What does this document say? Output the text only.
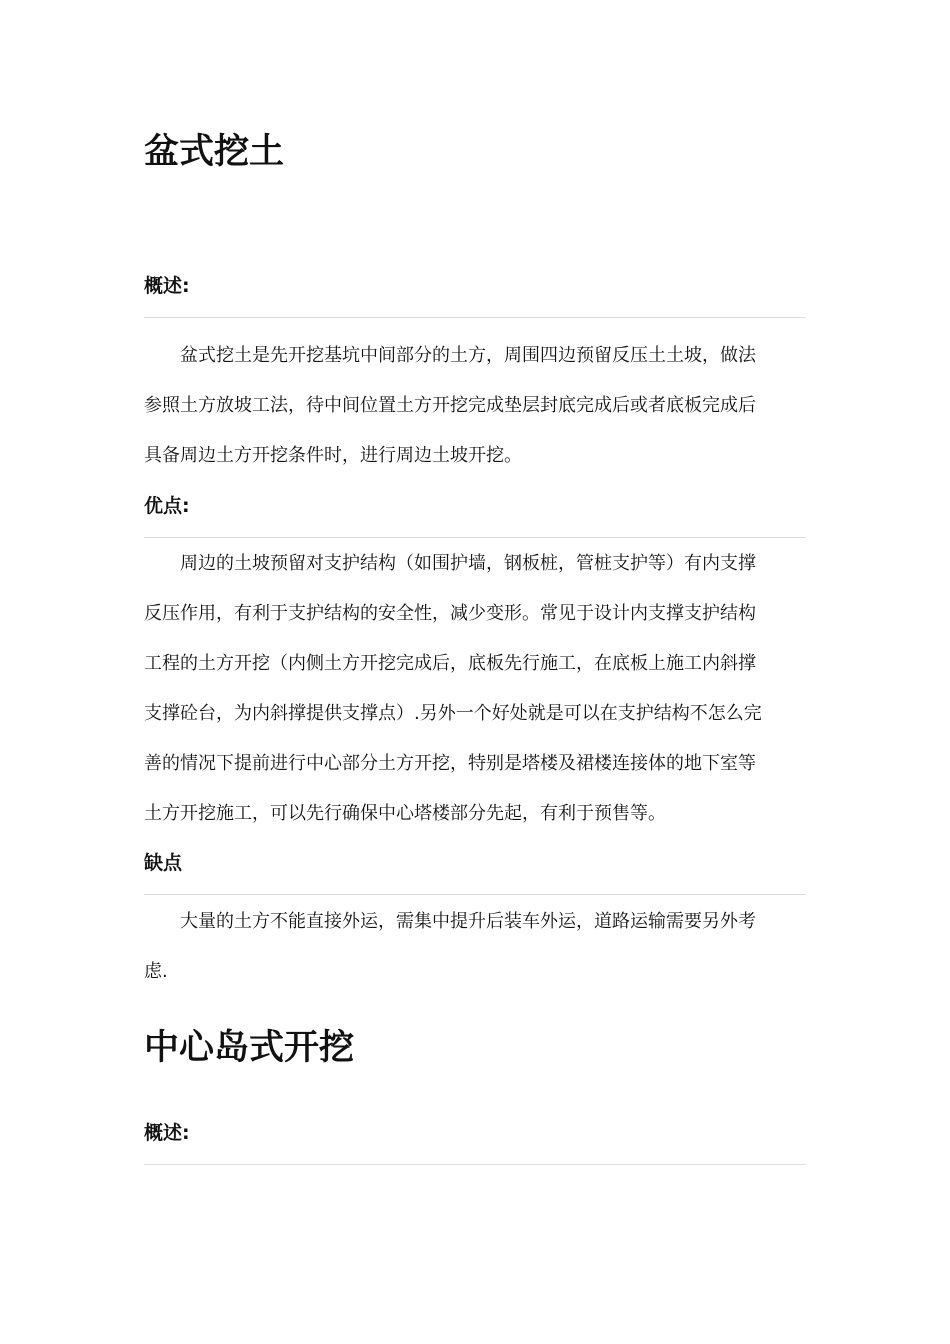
盆式挖土
概述:
盆式挖土是先开挖基坑中间部分的土方，周围四边预留反压土土坡，做法
参照土方放坡工法，待中间位置土方开挖完成垫层封底完成后或者底板完成后
具备周边土方开挖条件时，进行周边土坡开挖。
优点:
周边的土坡预留对支护结构（如围护墙，钢板桩，管桩支护等）有内支撑
反压作用，有利于支护结构的安全性，减少变形。常见于设计内支撑支护结构
工程的土方开挖（内侧土方开挖完成后，底板先行施工，在底板上施工内斜撑
支撑砼台，为内斜撑提供支撑点）.另外一个好处就是可以在支护结构不怎么完
善的情况下提前进行中心部分土方开挖，特别是塔楼及裙楼连接体的地下室等
土方开挖施工，可以先行确保中心塔楼部分先起，有利于预售等。
缺点
大量的土方不能直接外运，需集中提升后装车外运，道路运输需要另外考
虑.
中心岛式开挖
概述:
